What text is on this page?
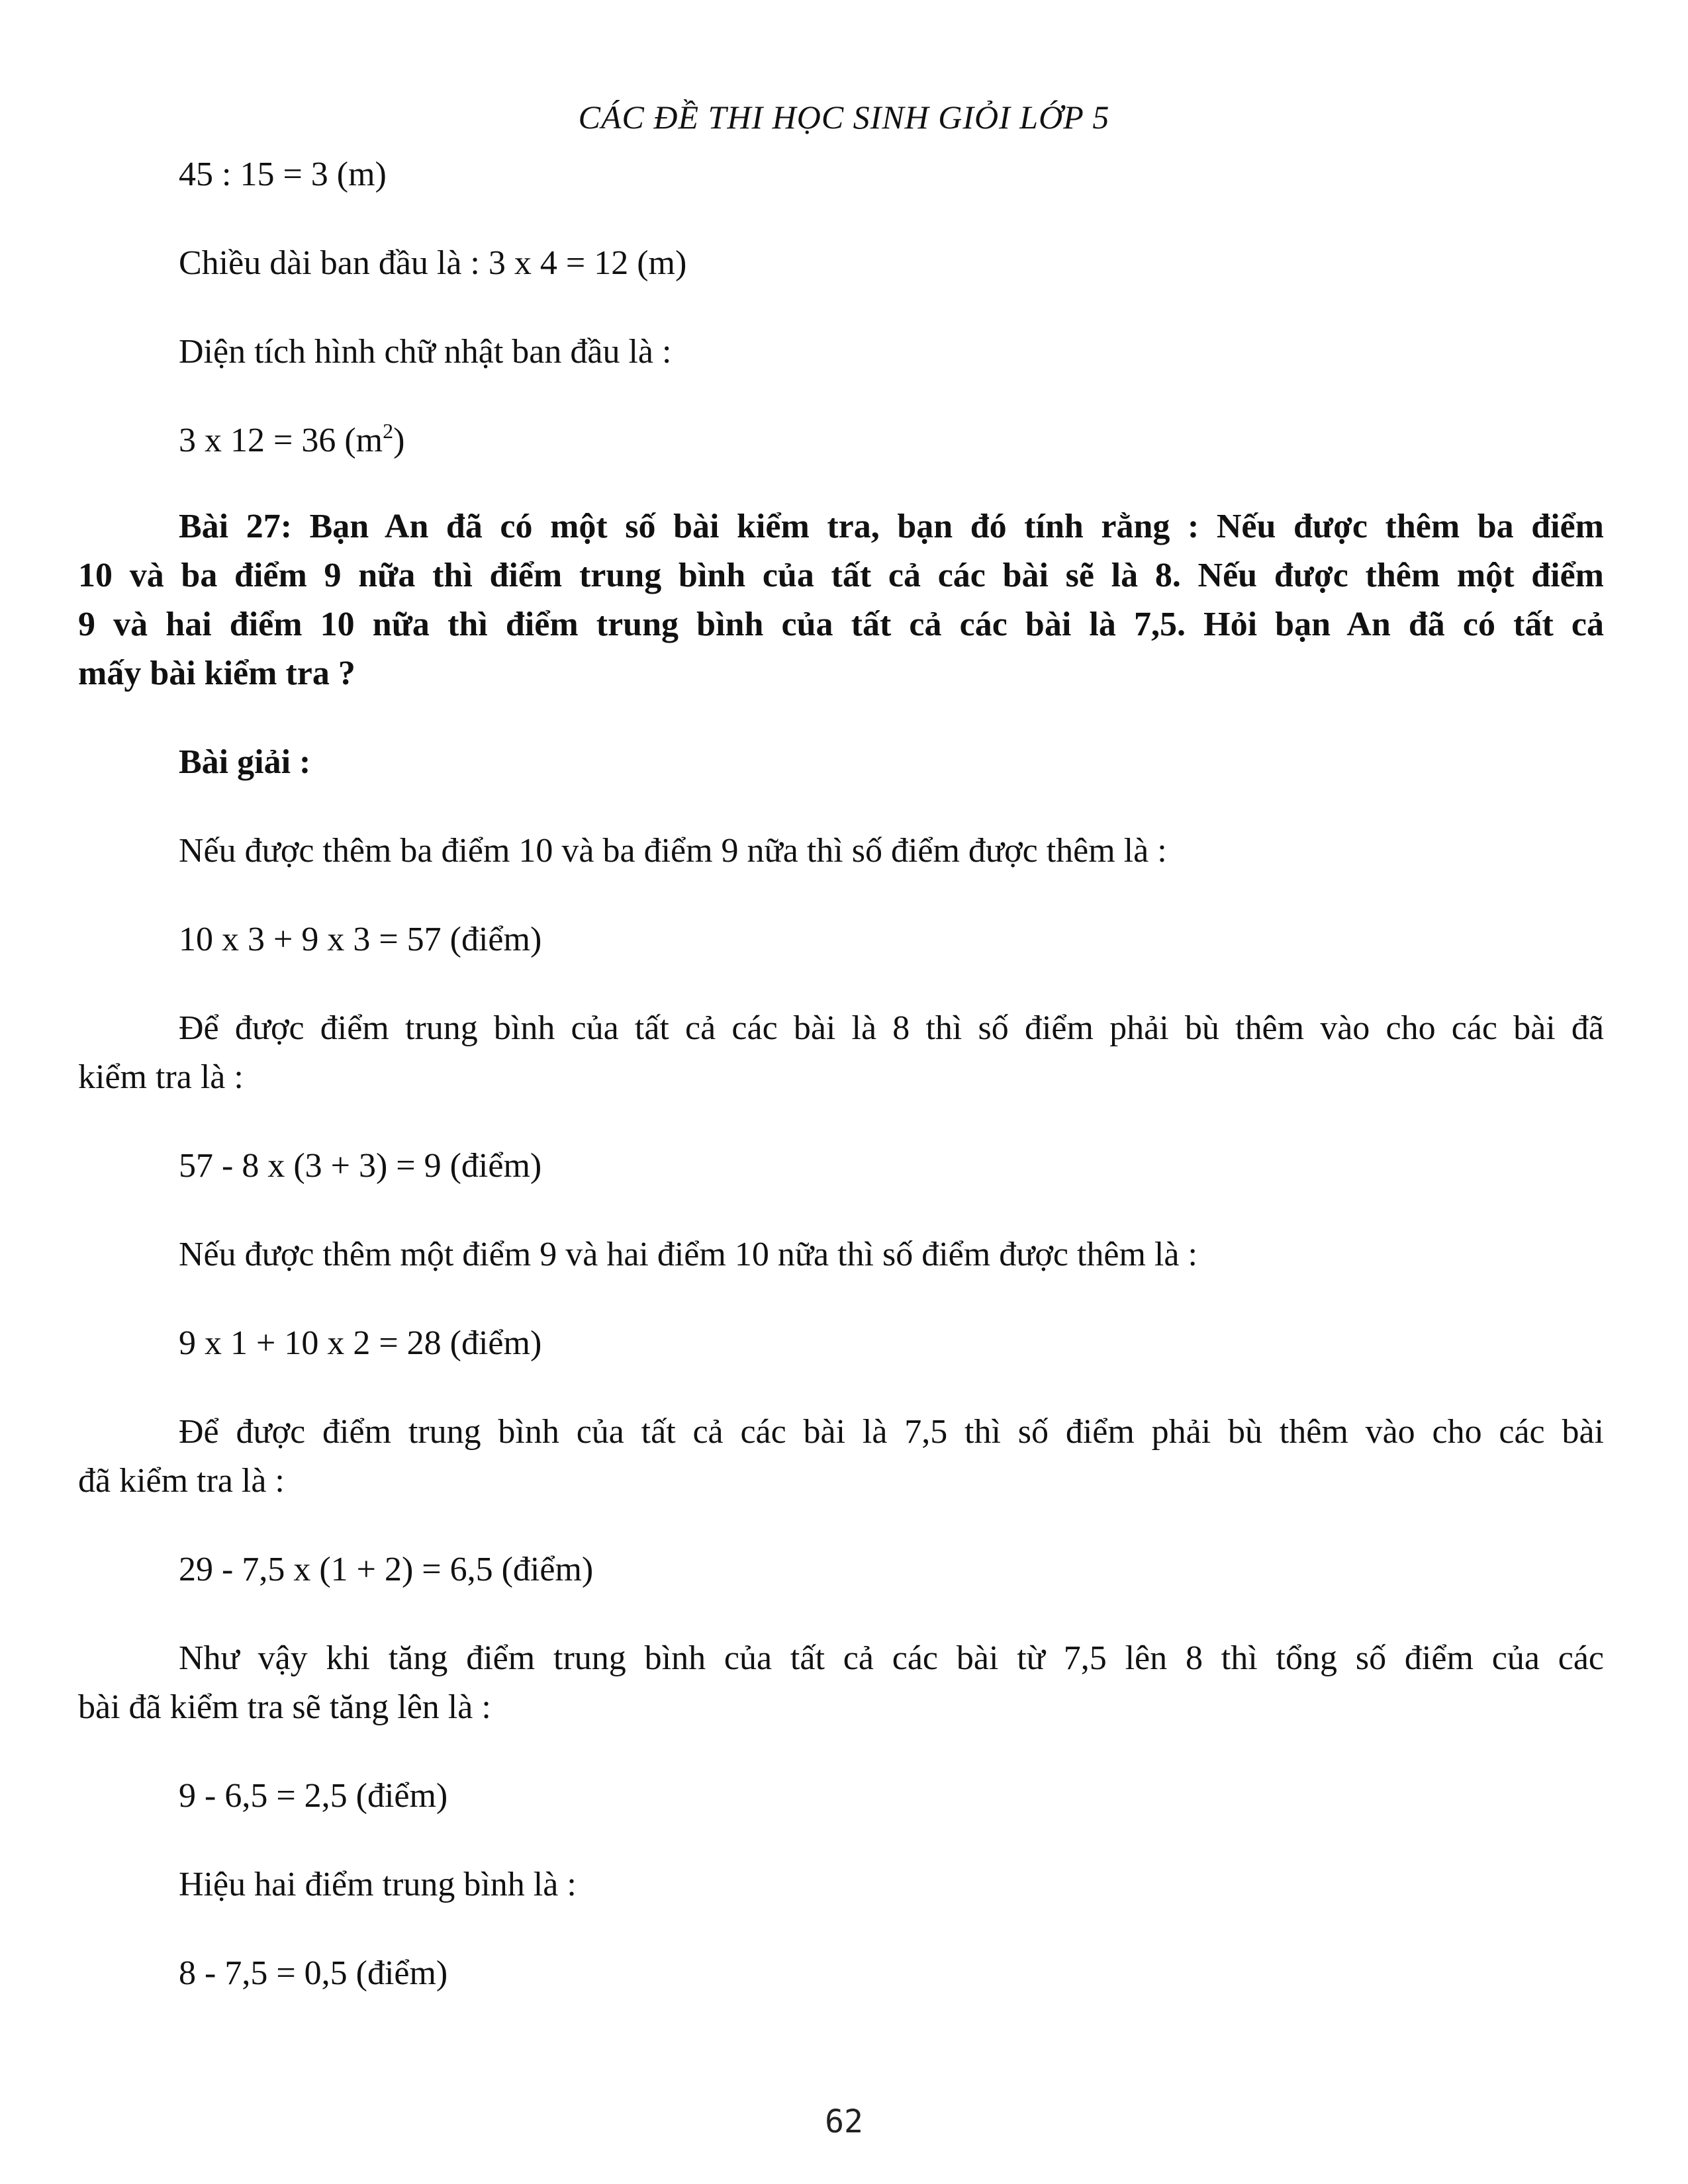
CÁC ĐỀ THI HỌC SINH GIỎI LỚP 5
45 : 15 = 3 (m)
Chiều dài ban đầu là : 3 x 4 = 12 (m)
Diện tích hình chữ nhật ban đầu là :
3 x 12 = 36 $(m^2)$
Bài 27: Bạn An đã có một số bài kiểm tra, bạn đó tính rằng : Nếu được thêm ba điểm
10 và ba điểm 9 nữa thì điểm trung bình của tất cả các bài sẽ là 8. Nếu được thêm một điểm
9 và hai điểm 10 nữa thì điểm trung bình của tất cả các bài là 7,5. Hỏi bạn An đã có tất cả
mấy bài kiểm tra ?
Bài giải :
Nếu được thêm ba điểm 10 và ba điểm 9 nữa thì số điểm được thêm là :
10 x 3 + 9 x 3 = 57 (điểm)
Để được điểm trung bình của tất cả các bài là 8 thì số điểm phải bù thêm vào cho các bài đã
kiểm tra là :
57 - 8 x (3 + 3) = 9 (điểm)
Nếu được thêm một điểm 9 và hai điểm 10 nữa thì số điểm được thêm là :
9 x 1 + 10 x 2 = 28 (điểm)
Để được điểm trung bình của tất cả các bài là 7,5 thì số điểm phải bù thêm vào cho các bài
đã kiểm tra là :
29 - 7,5 x (1 + 2) = 6,5 (điểm)
Như vậy khi tăng điểm trung bình của tất cả các bài từ 7,5 lên 8 thì tổng số điểm của các
bài đã kiểm tra sẽ tăng lên là :
9 - 6,5 = 2,5 (điểm)
Hiệu hai điểm trung bình là :
8 - 7,5 = 0,5 (điểm)
62
